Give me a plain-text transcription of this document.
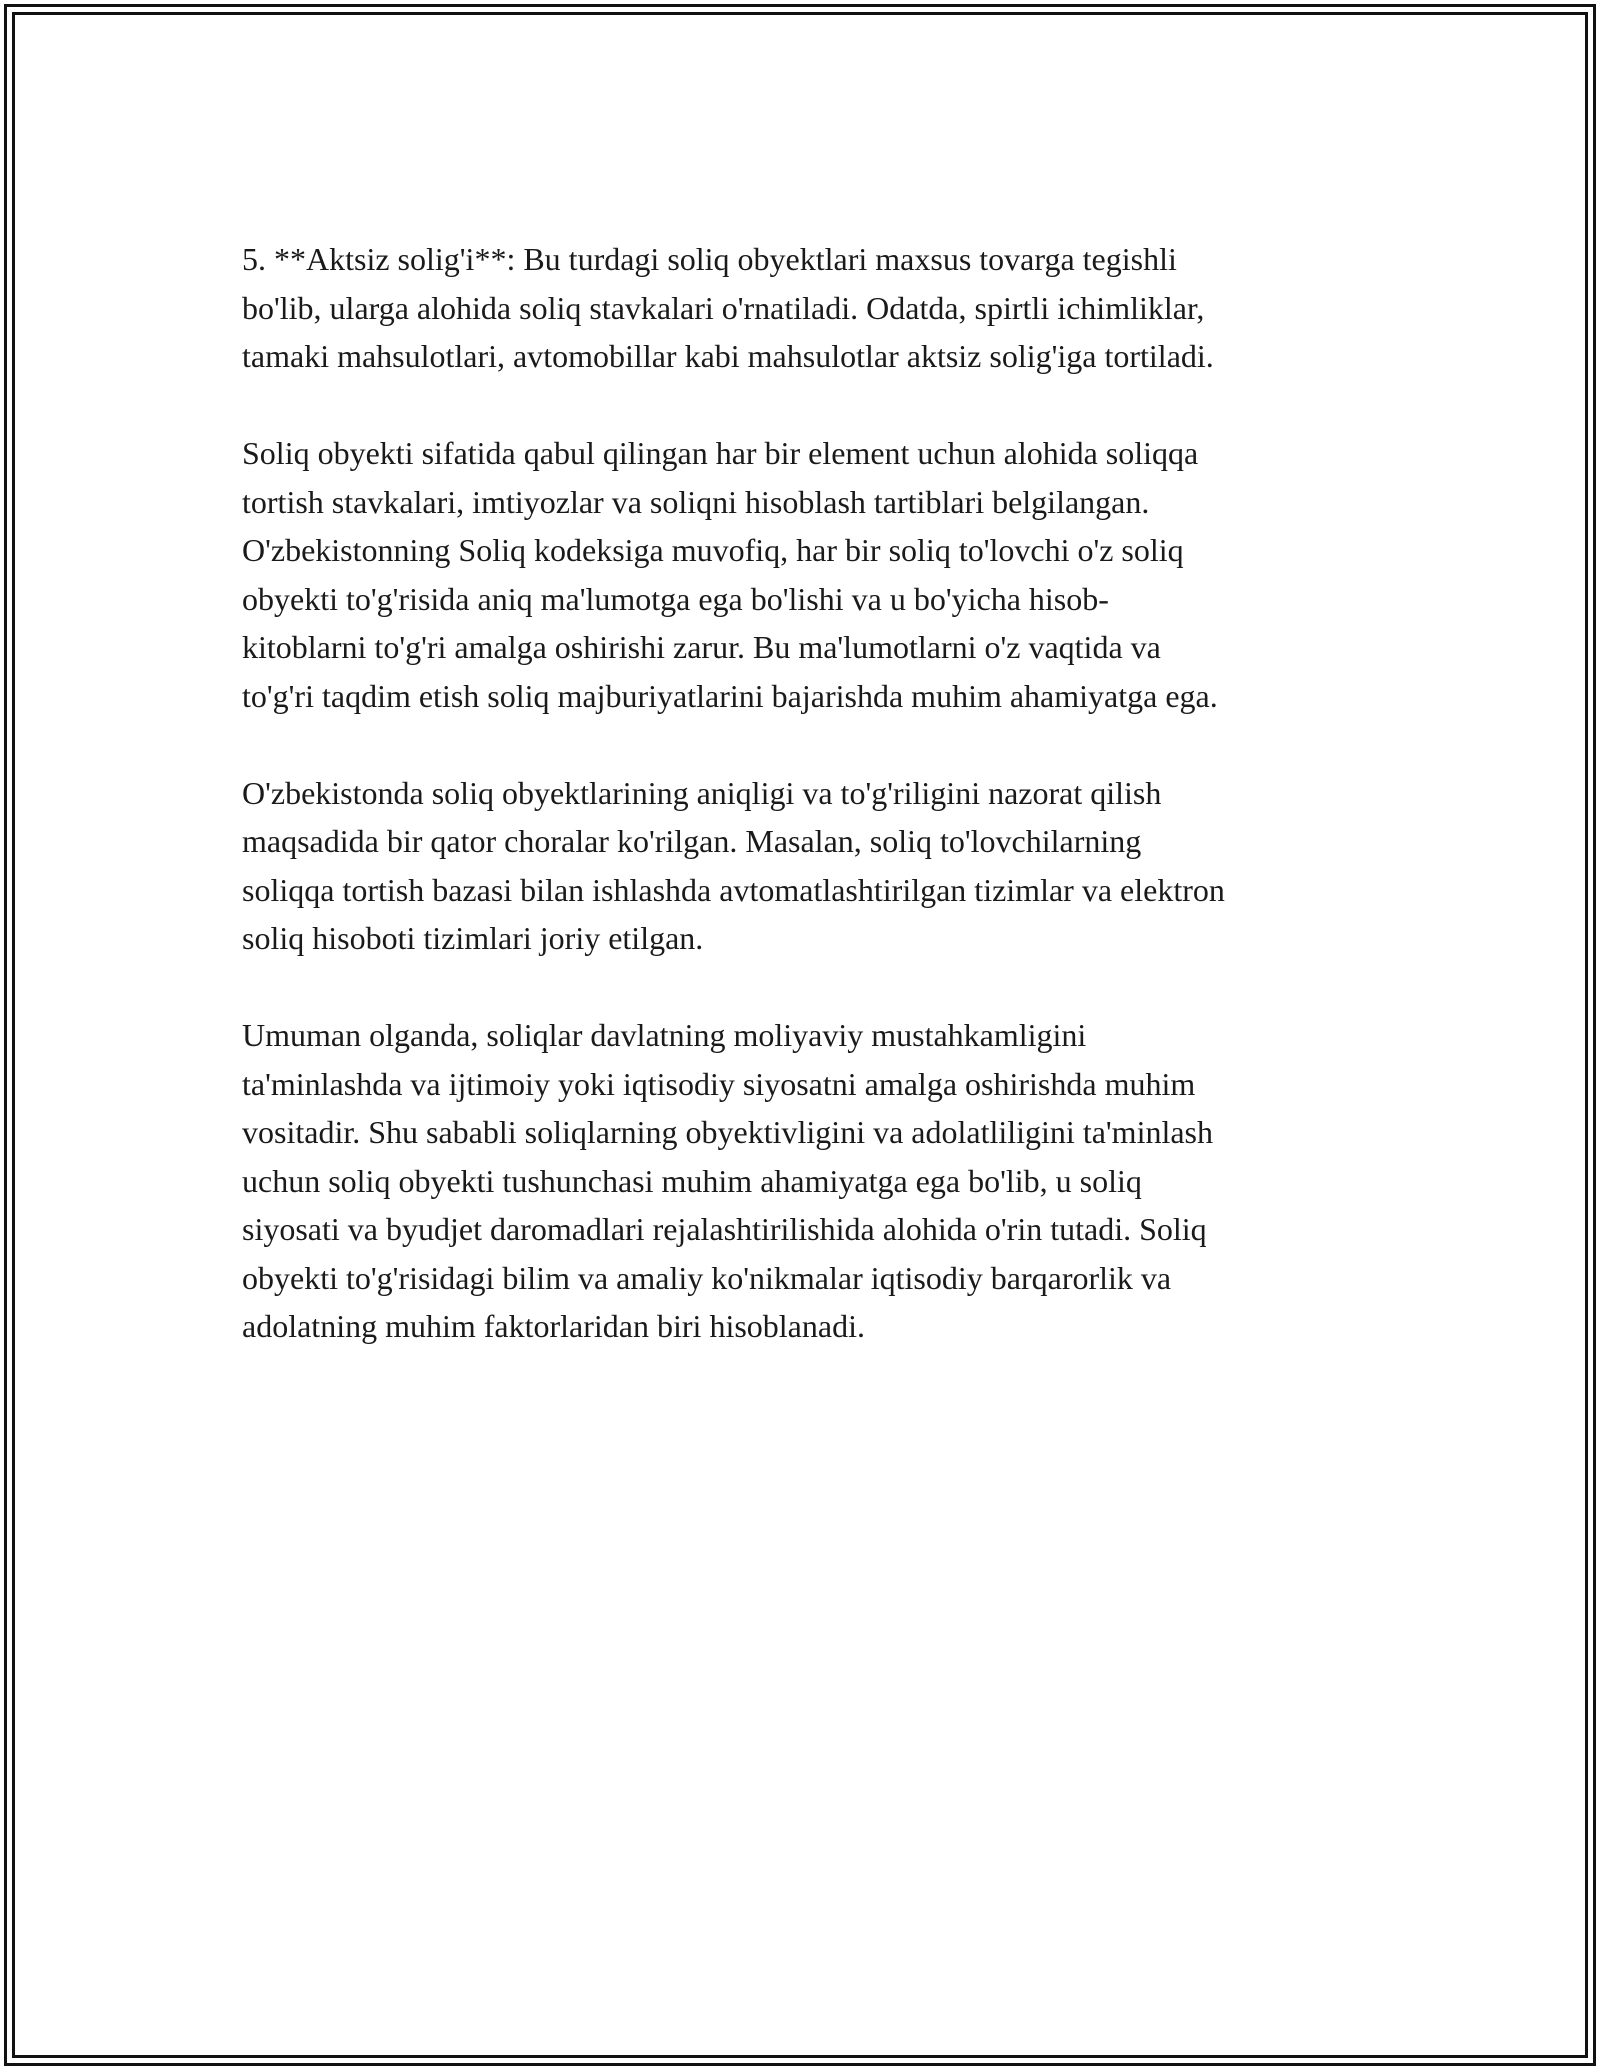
5. **Aktsiz solig'i**: Bu turdagi soliq obyektlari maxsus tovarga tegishli
bo'lib, ularga alohida soliq stavkalari o'rnatiladi. Odatda, spirtli ichimliklar,
tamaki mahsulotlari, avtomobillar kabi mahsulotlar aktsiz solig'iga tortiladi.

Soliq obyekti sifatida qabul qilingan har bir element uchun alohida soliqqa
tortish stavkalari, imtiyozlar va soliqni hisoblash tartiblari belgilangan.
O'zbekistonning Soliq kodeksiga muvofiq, har bir soliq to'lovchi o'z soliq
obyekti to'g'risida aniq ma'lumotga ega bo'lishi va u bo'yicha hisob-
kitoblarni to'g'ri amalga oshirishi zarur. Bu ma'lumotlarni o'z vaqtida va
to'g'ri taqdim etish soliq majburiyatlarini bajarishda muhim ahamiyatga ega.

O'zbekistonda soliq obyektlarining aniqligi va to'g'riligini nazorat qilish
maqsadida bir qator choralar ko'rilgan. Masalan, soliq to'lovchilarning
soliqqa tortish bazasi bilan ishlashda avtomatlashtirilgan tizimlar va elektron
soliq hisoboti tizimlari joriy etilgan.

Umuman olganda, soliqlar davlatning moliyaviy mustahkamligini
ta'minlashda va ijtimoiy yoki iqtisodiy siyosatni amalga oshirishda muhim
vositadir. Shu sababli soliqlarning obyektivligini va adolatliligini ta'minlash
uchun soliq obyekti tushunchasi muhim ahamiyatga ega bo'lib, u soliq
siyosati va byudjet daromadlari rejalashtirilishida alohida o'rin tutadi. Soliq
obyekti to'g'risidagi bilim va amaliy ko'nikmalar iqtisodiy barqarorlik va
adolatning muhim faktorlaridan biri hisoblanadi.
